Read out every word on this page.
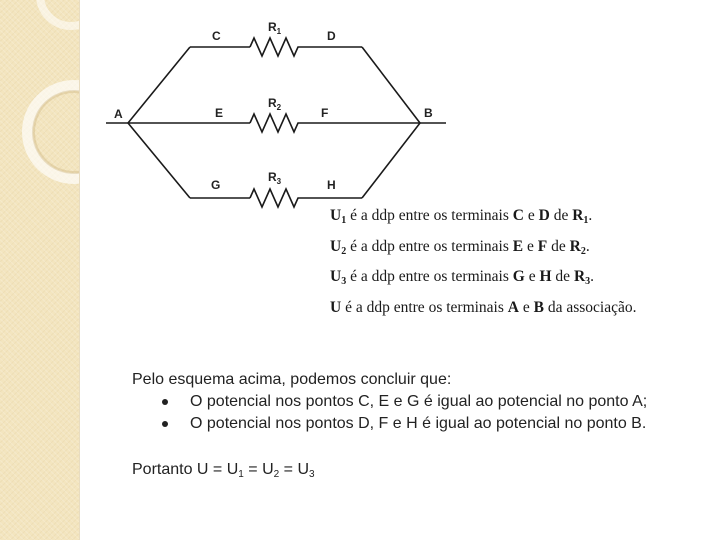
A
C	D
E	F	B
G	H
$R_1$
$R_2$
$R_3$
$U_1$ é a ddp entre os terminais C e D de $R_1$.
$U_2$ é a ddp entre os terminais E e F de $R_2$.
$U_3$ é a ddp entre os terminais G e H de $R_3$.
U é a ddp entre os terminais A e B da associação.
Pelo esquema acima, podemos concluir que:
O potencial nos pontos C, E e G é igual ao potencial no ponto A;
O potencial nos pontos D, F e H é igual ao potencial no ponto B.
Portanto $U = U_1 = U_2 = U_3$
